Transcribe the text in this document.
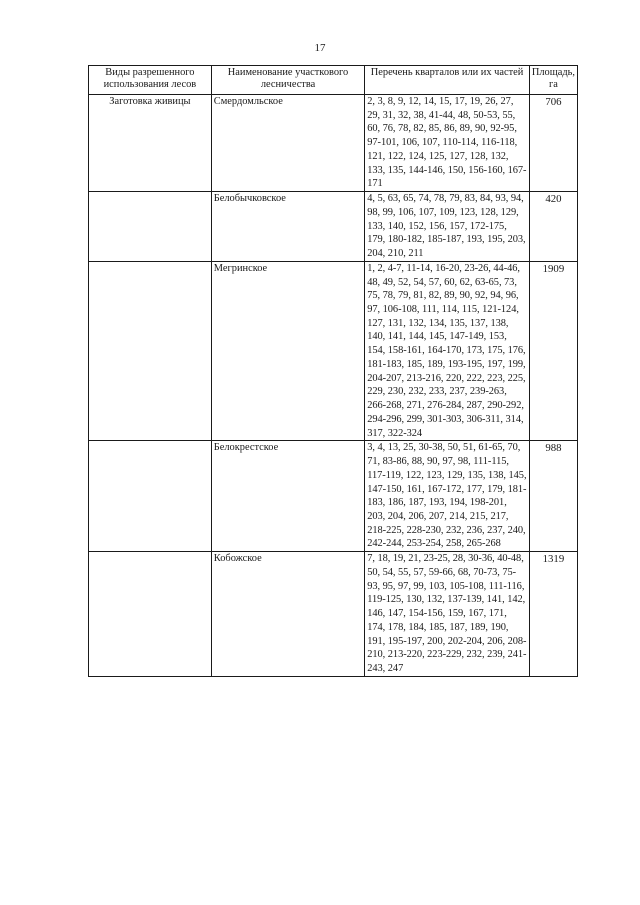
17
Виды разрешенного использования лесов	Наименование участкового лесничества	Перечень кварталов или их частей	Площадь, га
Заготовка живицы	Смердомльское	2, 3, 8, 9, 12, 14, 15, 17, 19, 26, 27, 29, 31, 32, 38, 41-44, 48, 50-53, 55, 60, 76, 78, 82, 85, 86, 89, 90, 92-95, 97-101, 106, 107, 110-114, 116-118, 121, 122, 124, 125, 127, 128, 132, 133, 135, 144-146, 150, 156-160, 167-171	706
	Белобычковское	4, 5, 63, 65, 74, 78, 79, 83, 84, 93, 94, 98, 99, 106, 107, 109, 123, 128, 129, 133, 140, 152, 156, 157, 172-175, 179, 180-182, 185-187, 193, 195, 203, 204, 210, 211	420
	Мегринское	1, 2, 4-7, 11-14, 16-20, 23-26, 44-46, 48, 49, 52, 54, 57, 60, 62, 63-65, 73, 75, 78, 79, 81, 82, 89, 90, 92, 94, 96, 97, 106-108, 111, 114, 115, 121-124, 127, 131, 132, 134, 135, 137, 138, 140, 141, 144, 145, 147-149, 153, 154, 158-161, 164-170, 173, 175, 176, 181-183, 185, 189, 193-195, 197, 199, 204-207, 213-216, 220, 222, 223, 225, 229, 230, 232, 233, 237, 239-263, 266-268, 271, 276-284, 287, 290-292, 294-296, 299, 301-303, 306-311, 314, 317, 322-324	1909
	Белокрестское	3, 4, 13, 25, 30-38, 50, 51, 61-65, 70, 71, 83-86, 88, 90, 97, 98, 111-115, 117-119, 122, 123, 129, 135, 138, 145, 147-150, 161, 167-172, 177, 179, 181-183, 186, 187, 193, 194, 198-201, 203, 204, 206, 207, 214, 215, 217, 218-225, 228-230, 232, 236, 237, 240, 242-244, 253-254, 258, 265-268	988
	Кобожское	7, 18, 19, 21, 23-25, 28, 30-36, 40-48, 50, 54, 55, 57, 59-66, 68, 70-73, 75-93, 95, 97, 99, 103, 105-108, 111-116, 119-125, 130, 132, 137-139, 141, 142, 146, 147, 154-156, 159, 167, 171, 174, 178, 184, 185, 187, 189, 190, 191, 195-197, 200, 202-204, 206, 208-210, 213-220, 223-229, 232, 239, 241-243, 247	1319
